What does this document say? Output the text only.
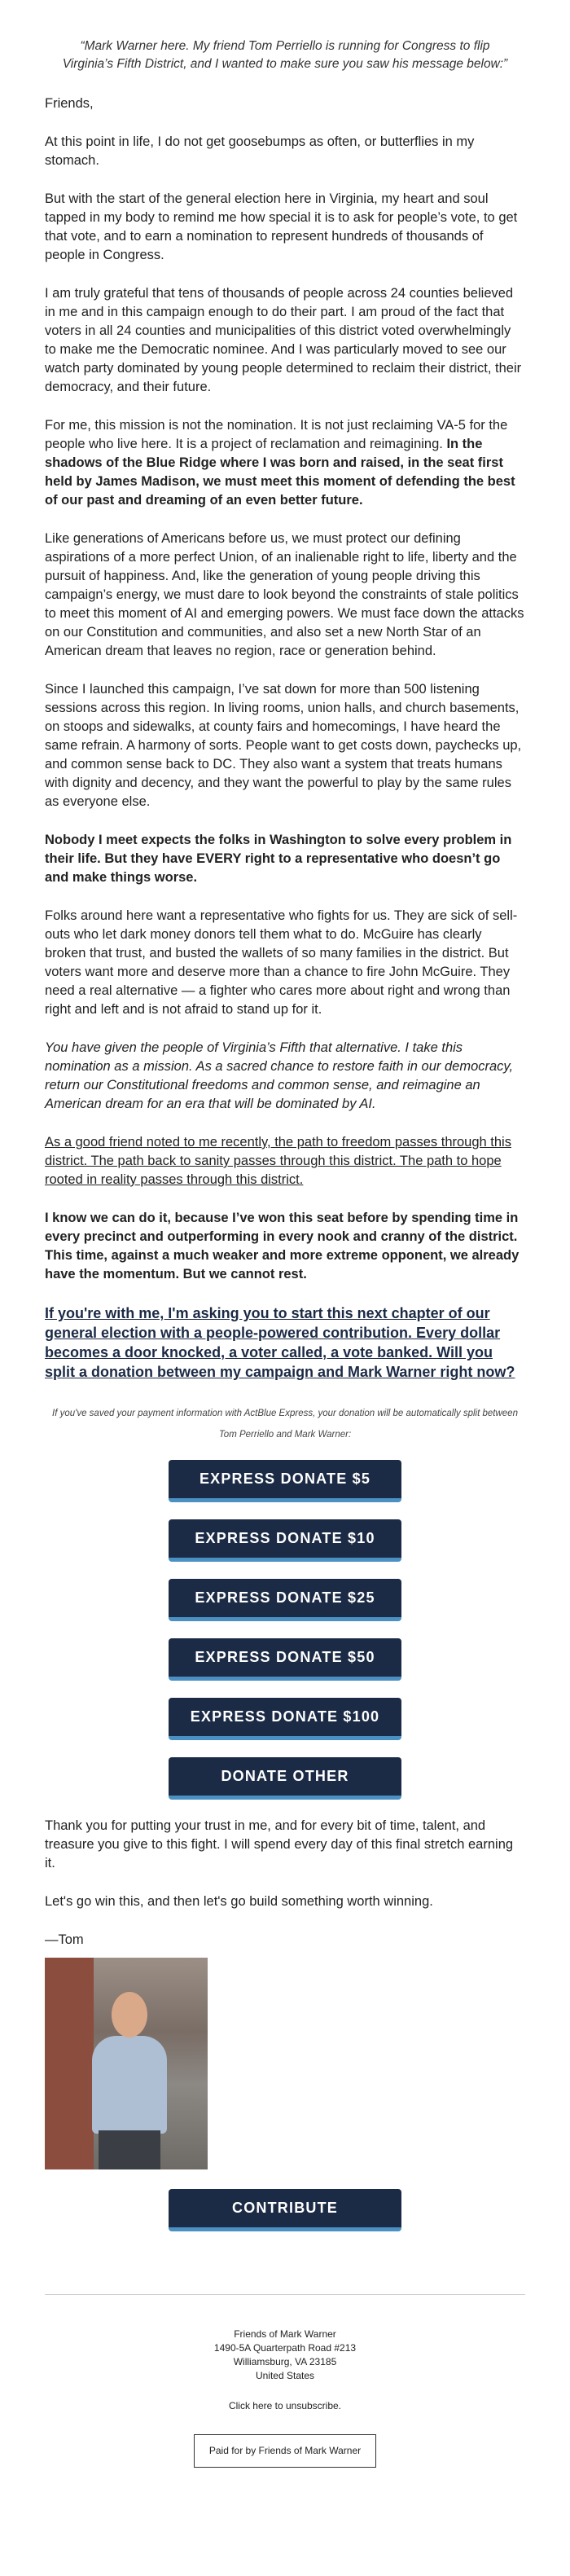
“Mark Warner here. My friend Tom Perriello is running for Congress to flip Virginia’s Fifth District, and I wanted to make sure you saw his message below:”

Friends,

At this point in life, I do not get goosebumps as often, or butterflies in my stomach.

But with the start of the general election here in Virginia, my heart and soul tapped in my body to remind me how special it is to ask for people’s vote, to get that vote, and to earn a nomination to represent hundreds of thousands of people in Congress.

I am truly grateful that tens of thousands of people across 24 counties believed in me and in this campaign enough to do their part. I am proud of the fact that voters in all 24 counties and municipalities of this district voted overwhelmingly to make me the Democratic nominee. And I was particularly moved to see our watch party dominated by young people determined to reclaim their district, their democracy, and their future.

For me, this mission is not the nomination. It is not just reclaiming VA-5 for the people who live here. It is a project of reclamation and reimagining. In the shadows of the Blue Ridge where I was born and raised, in the seat first held by James Madison, we must meet this moment of defending the best of our past and dreaming of an even better future.

Like generations of Americans before us, we must protect our defining aspirations of a more perfect Union, of an inalienable right to life, liberty and the pursuit of happiness. And, like the generation of young people driving this campaign’s energy, we must dare to look beyond the constraints of stale politics to meet this moment of AI and emerging powers. We must face down the attacks on our Constitution and communities, and also set a new North Star of an American dream that leaves no region, race or generation behind.

Since I launched this campaign, I’ve sat down for more than 500 listening sessions across this region. In living rooms, union halls, and church basements, on stoops and sidewalks, at county fairs and homecomings, I have heard the same refrain. A harmony of sorts. People want to get costs down, paychecks up, and common sense back to DC. They also want a system that treats humans with dignity and decency, and they want the powerful to play by the same rules as everyone else.

Nobody I meet expects the folks in Washington to solve every problem in their life. But they have EVERY right to a representative who doesn’t go and make things worse.

Folks around here want a representative who fights for us. They are sick of sell-outs who let dark money donors tell them what to do. McGuire has clearly broken that trust, and busted the wallets of so many families in the district. But voters want more and deserve more than a chance to fire John McGuire. They need a real alternative — a fighter who cares more about right and wrong than right and left and is not afraid to stand up for it.

You have given the people of Virginia’s Fifth that alternative. I take this nomination as a mission. As a sacred chance to restore faith in our democracy, return our Constitutional freedoms and common sense, and reimagine an American dream for an era that will be dominated by AI.

As a good friend noted to me recently, the path to freedom passes through this district. The path back to sanity passes through this district. The path to hope rooted in reality passes through this district.

I know we can do it, because I’ve won this seat before by spending time in every precinct and outperforming in every nook and cranny of the district. This time, against a much weaker and more extreme opponent, we already have the momentum. But we cannot rest.

If you're with me, I'm asking you to start this next chapter of our general election with a people-powered contribution. Every dollar becomes a door knocked, a voter called, a vote banked. Will you split a donation between my campaign and Mark Warner right now?
If you've saved your payment information with ActBlue Express, your donation will be automatically split between Tom Perriello and Mark Warner:
EXPRESS DONATE $5
EXPRESS DONATE $10
EXPRESS DONATE $25
EXPRESS DONATE $50
EXPRESS DONATE $100
DONATE OTHER

Thank you for putting your trust in me, and for every bit of time, talent, and treasure you give to this fight. I will spend every day of this final stretch earning it.

Let's go win this, and then let's go build something worth winning.

—Tom

CONTRIBUTE
Friends of Mark Warner
1490-5A Quarterpath Road #213
Williamsburg, VA 23185
United States
Click here to unsubscribe.
Paid for by Friends of Mark Warner
